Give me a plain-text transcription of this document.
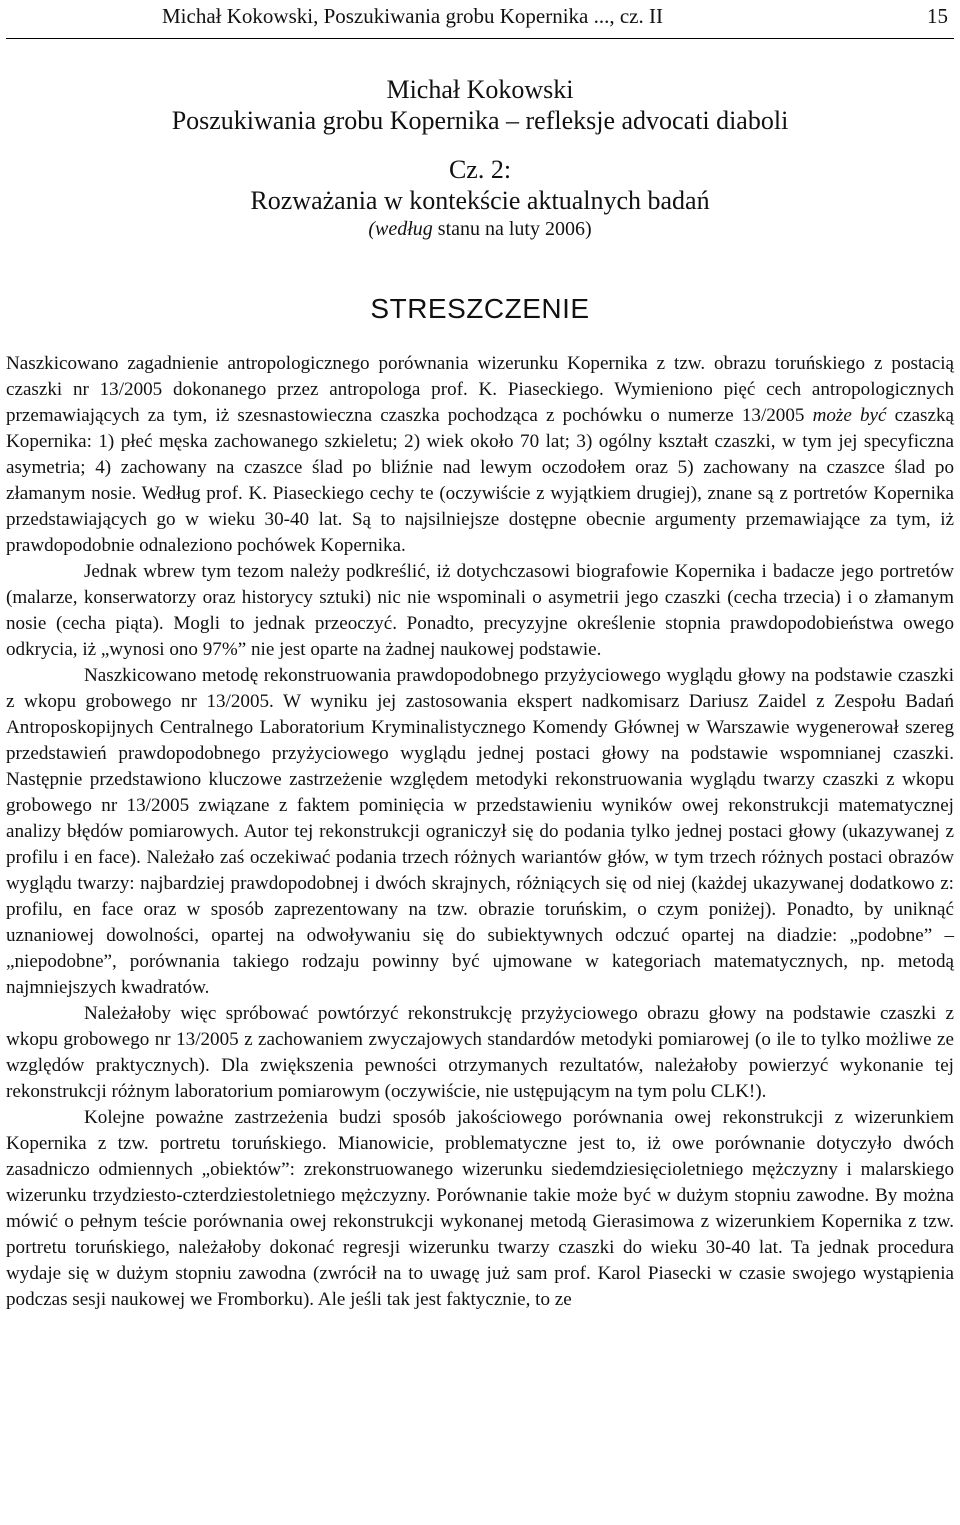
Michał Kokowski, Poszukiwania grobu Kopernika ..., cz. II	15
Michał Kokowski
Poszukiwania grobu Kopernika – refleksje advocati diaboli
Cz. 2:
Rozważania w kontekście aktualnych badań
(według stanu na luty 2006)
STRESZCZENIE

Naszkicowano zagadnienie antropologicznego porównania wizerunku Kopernika z tzw. obrazu toruńskiego z postacią czaszki nr 13/2005 dokonanego przez antropologa prof. K. Piaseckiego. Wymieniono pięć cech antropologicznych przemawiających za tym, iż szesnastowieczna czaszka pochodząca z pochówku o numerze 13/2005 może być czaszką Kopernika: 1) płeć męska zachowanego szkieletu; 2) wiek około 70 lat; 3) ogólny kształt czaszki, w tym jej specyficzna asymetria; 4) zachowany na czaszce ślad po bliźnie nad lewym oczodołem oraz 5) zachowany na czaszce ślad po złamanym nosie. Według prof. K. Piaseckiego cechy te (oczywiście z wyjątkiem drugiej), znane są z portretów Kopernika przedstawiających go w wieku 30-40 lat. Są to najsilniejsze dostępne obecnie argumenty przemawiające za tym, iż prawdopodobnie odnaleziono pochówek Kopernika.

Jednak wbrew tym tezom należy podkreślić, iż dotychczasowi biografowie Kopernika i badacze jego portretów (malarze, konserwatorzy oraz historycy sztuki) nic nie wspominali o asymetrii jego czaszki (cecha trzecia) i o złamanym nosie (cecha piąta). Mogli to jednak przeoczyć. Ponadto, precyzyjne określenie stopnia prawdopodobieństwa owego odkrycia, iż „wynosi ono 97%” nie jest oparte na żadnej naukowej podstawie.

Naszkicowano metodę rekonstruowania prawdopodobnego przyżyciowego wyglądu głowy na podstawie czaszki z wkopu grobowego nr 13/2005. W wyniku jej zastosowania ekspert nadkomisarz Dariusz Zaidel z Zespołu Badań Antroposkopijnych Centralnego Laboratorium Kryminalistycznego Komendy Głównej w Warszawie wygenerował szereg przedstawień prawdopodobnego przyżyciowego wyglądu jednej postaci głowy na podstawie wspomnianej czaszki. Następnie przedstawiono kluczowe zastrzeżenie względem metodyki rekonstruowania wyglądu twarzy czaszki z wkopu grobowego nr 13/2005 związane z faktem pominięcia w przedstawieniu wyników owej rekonstrukcji matematycznej analizy błędów pomiarowych. Autor tej rekonstrukcji ograniczył się do podania tylko jednej postaci głowy (ukazywanej z profilu i en face). Należało zaś oczekiwać podania trzech różnych wariantów głów, w tym trzech różnych postaci obrazów wyglądu twarzy: najbardziej prawdopodobnej i dwóch skrajnych, różniących się od niej (każdej ukazywanej dodatkowo z: profilu, en face oraz w sposób zaprezentowany na tzw. obrazie toruńskim, o czym poniżej). Ponadto, by uniknąć uznaniowej dowolności, opartej na odwoływaniu się do subiektywnych odczuć opartej na diadzie: „podobne” – „niepodobne”, porównania takiego rodzaju powinny być ujmowane w kategoriach matematycznych, np. metodą najmniejszych kwadratów.

Należałoby więc spróbować powtórzyć rekonstrukcję przyżyciowego obrazu głowy na podstawie czaszki z wkopu grobowego nr 13/2005 z zachowaniem zwyczajowych standardów metodyki pomiarowej (o ile to tylko możliwe ze względów praktycznych). Dla zwiększenia pewności otrzymanych rezultatów, należałoby powierzyć wykonanie tej rekonstrukcji różnym laboratorium pomiarowym (oczywiście, nie ustępującym na tym polu CLK!).

Kolejne poważne zastrzeżenia budzi sposób jakościowego porównania owej rekonstrukcji z wizerunkiem Kopernika z tzw. portretu toruńskiego. Mianowicie, problematyczne jest to, iż owe porównanie dotyczyło dwóch zasadniczo odmiennych „obiektów”: zrekonstruowanego wizerunku siedemdziesięcioletniego mężczyzny i malarskiego wizerunku trzydziesto-czterdziestoletniego mężczyzny. Porównanie takie może być w dużym stopniu zawodne. By można mówić o pełnym teście porównania owej rekonstrukcji wykonanej metodą Gierasimowa z wizerunkiem Kopernika z tzw. portretu toruńskiego, należałoby dokonać regresji wizerunku twarzy czaszki do wieku 30-40 lat. Ta jednak procedura wydaje się w dużym stopniu zawodna (zwrócił na to uwagę już sam prof. Karol Piasecki w czasie swojego wystąpienia podczas sesji naukowej we Fromborku). Ale jeśli tak jest faktycznie, to ze
